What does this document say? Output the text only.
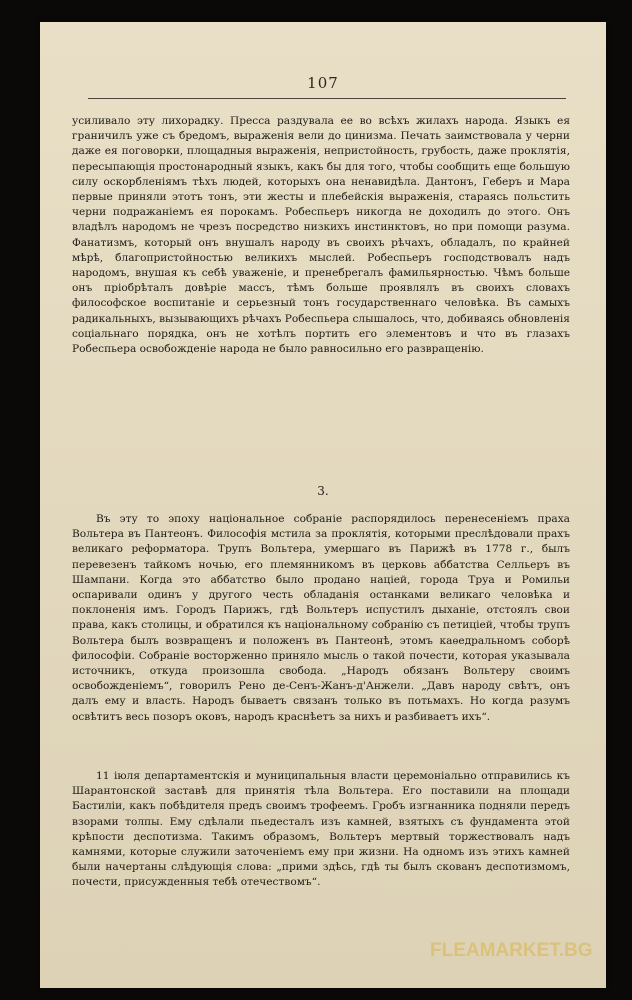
107
усиливало эту лихорадку. Пресса раздувала ее во всѣхъ жилахъ народа. Языкъ ея граничилъ уже съ бредомъ, выраженія вели до цинизма. Печать заимствовала у черни даже ея поговорки, площадныя выраженія, непристойность, грубость, даже проклятія, пересыпающія простонародный языкъ, какъ бы для того, чтобы сообщить еще большую силу оскорбленіямъ тѣхъ людей, которыхъ она ненавидѣла. Дантонъ, Геберъ и Мара первые приняли этотъ тонъ, эти жесты и плебейскія выраженія, стараясь польстить черни подражаніемъ ея порокамъ. Робеспьеръ никогда не доходилъ до этого. Онъ владѣлъ народомъ не чрезъ посредство низкихъ инстинктовъ, но при помощи разума. Фанатизмъ, который онъ внушалъ народу въ своихъ рѣчахъ, обладалъ, по крайней мѣрѣ, благопристойностью великихъ мыслей. Робеспьеръ господствовалъ надъ народомъ, внушая къ себѣ уваженіе, и пренебрегалъ фамильярностью. Чѣмъ больше онъ пріобрѣталъ довѣріе массъ, тѣмъ больше проявлялъ въ своихъ словахъ философское воспитаніе и серьезный тонъ государственнаго человѣка. Въ самыхъ радикальныхъ, вызывающихъ рѣчахъ Робеспьера слышалось, что, добиваясь обновленія соціальнаго порядка, онъ не хотѣлъ портить его элементовъ и что въ глазахъ Робеспьера освобожденіе народа не было равносильно его развращенію.
3.
Въ эту то эпоху національное собраніе распорядилось перенесеніемъ праха Вольтера въ Пантеонъ. Философія мстила за проклятія, которыми преслѣдовали прахъ великаго реформатора. Трупъ Вольтера, умершаго въ Парижѣ въ 1778 г., былъ перевезенъ тайкомъ ночью, его племянникомъ въ церковь аббатства Селльеръ въ Шампани. Когда это аббатство было продано націей, города Труа и Ромильи оспаривали одинъ у другого честь обладанія останками великаго человѣка и поклоненія имъ. Городъ Парижъ, гдѣ Вольтеръ испустилъ дыханіе, отстоялъ свои права, какъ столицы, и обратился къ національному собранію съ петиціей, чтобы трупъ Вольтера былъ возвращенъ и положенъ въ Пантеонѣ, этомъ каѳедральномъ соборѣ философіи. Собраніе восторженно приняло мысль о такой почести, которая указывала источникъ, откуда произошла свобода. „Народъ обязанъ Вольтеру своимъ освобожденіемъ“, говорилъ Рено де-Сенъ-Жанъ-д'Анжели. „Давъ народу свѣтъ, онъ далъ ему и власть. Народъ бываетъ связанъ только въ потьмахъ. Но когда разумъ освѣтитъ весь позоръ оковъ, народъ краснѣетъ за нихъ и разбиваетъ ихъ“.
11 іюля департаментскія и муниципальныя власти церемоніально отправились къ Шарантонской заставѣ для принятія тѣла Вольтера. Его поставили на площади Бастиліи, какъ побѣдителя предъ своимъ трофеемъ. Гробъ изгнанника подняли передъ взорами толпы. Ему сдѣлали пьедесталъ изъ камней, взятыхъ съ фундамента этой крѣпости деспотизма. Такимъ образомъ, Вольтеръ мертвый торжествовалъ надъ камнями, которые служили заточеніемъ ему при жизни. На одномъ изъ этихъ камней были начертаны слѣдующія слова: „прими здѣсь, гдѣ ты былъ скованъ деспотизмомъ, почести, присужденныя тебѣ отечествомъ“.
FLEAMARKET.BG
